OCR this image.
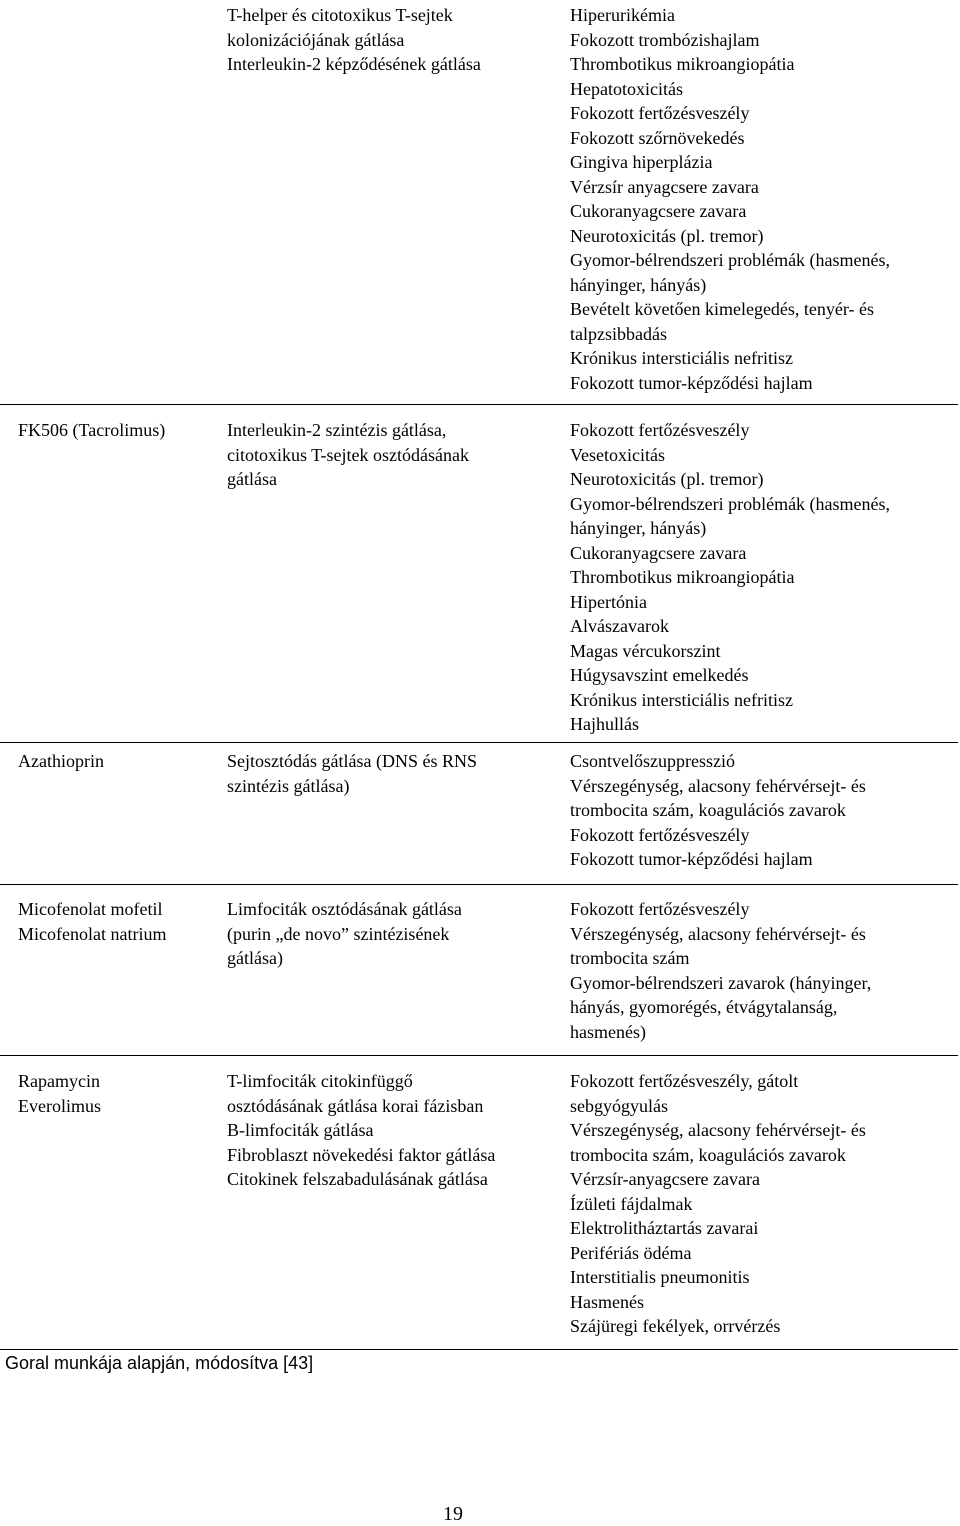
T-helper és citotoxikus T-sejtek
kolonizációjának gátlása
Interleukin-2 képződésének gátlása
Hiperurikémia
Fokozott trombózishajlam
Thrombotikus mikroangiopátia
Hepatotoxicitás
Fokozott fertőzésveszély
Fokozott szőrnövekedés
Gingiva hiperplázia
Vérzsír anyagcsere zavara
Cukoranyagcsere zavara
Neurotoxicitás (pl. tremor)
Gyomor-bélrendszeri problémák (hasmenés,
hányinger, hányás)
Bevételt követően kimelegedés, tenyér- és
talpzsibbadás
Krónikus intersticiális nefritisz
Fokozott tumor-képződési hajlam
FK506 (Tacrolimus)	Interleukin-2 szintézis gátlása,
citotoxikus T-sejtek osztódásának
gátlása
Fokozott fertőzésveszély
Vesetoxicitás
Neurotoxicitás (pl. tremor)
Gyomor-bélrendszeri problémák (hasmenés,
hányinger, hányás)
Cukoranyagcsere zavara
Thrombotikus mikroangiopátia
Hipertónia
Alvászavarok
Magas vércukorszint
Húgysavszint emelkedés
Krónikus intersticiális nefritisz
Hajhullás
Azathioprin	Sejtosztódás gátlása (DNS és RNS
szintézis gátlása)
Csontvelőszuppresszió
Vérszegénység, alacsony fehérvérsejt- és
trombocita szám, koagulációs zavarok
Fokozott fertőzésveszély
Fokozott tumor-képződési hajlam
Micofenolat mofetil
Micofenolat natrium
Limfociták osztódásának gátlása
(purin „de novo” szintézisének
gátlása)
Fokozott fertőzésveszély
Vérszegénység, alacsony fehérvérsejt- és
trombocita szám
Gyomor-bélrendszeri zavarok (hányinger,
hányás, gyomorégés, étvágytalanság,
hasmenés)
Rapamycin
Everolimus
T-limfociták citokinfüggő
osztódásának gátlása korai fázisban
B-limfociták gátlása
Fibroblaszt növekedési faktor gátlása
Citokinek felszabadulásának gátlása
Fokozott fertőzésveszély, gátolt
sebgyógyulás
Vérszegénység, alacsony fehérvérsejt- és
trombocita szám, koagulációs zavarok
Vérzsír-anyagcsere zavara
Ízületi fájdalmak
Elektrolitháztartás zavarai
Perifériás ödéma
Interstitialis pneumonitis
Hasmenés
Szájüregi fekélyek, orrvérzés
Goral munkája alapján, módosítva [43]
19
